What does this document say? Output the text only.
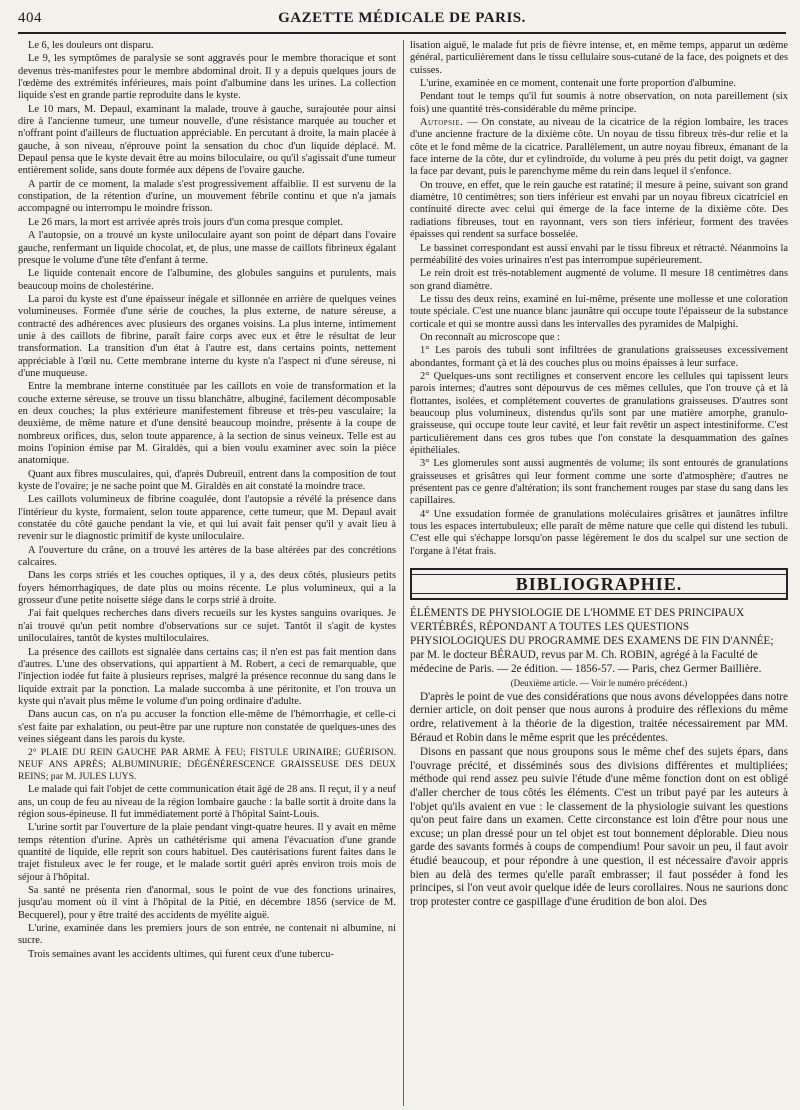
404	GAZETTE MÉDICALE DE PARIS.

Le 6, les douleurs ont disparu.

Le 9, les symptômes de paralysie se sont aggravés pour le membre thoracique et sont devenus très-manifestes pour le membre abdominal droit. Il y a depuis quelques jours de l'œdème des extrémités inférieures, mais point d'albumine dans les urines. La collection liquide s'est en grande partie reproduite dans le kyste.

Le 10 mars, M. Depaul, examinant la malade, trouve à gauche, surajoutée pour ainsi dire à l'ancienne tumeur, une tumeur nouvelle, d'une résistance marquée au toucher et n'offrant point d'ailleurs de fluctuation appréciable. En percutant à droite, la main placée à gauche, à son niveau, n'éprouve point la sensation du choc d'un liquide déplacé. M. Depaul pensa que le kyste devait être au moins biloculaire, ou qu'il s'agissait d'une tumeur entièrement solide, sans doute formée aux dépens de l'ovaire gauche.

A partir de ce moment, la malade s'est progressivement affaiblie. Il est survenu de la constipation, de la rétention d'urine, un mouvement fébrile continu et que n'a jamais accompagné ou interrompu le moindre frisson.

Le 26 mars, la mort est arrivée après trois jours d'un coma presque complet.

A l'autopsie, on a trouvé un kyste uniloculaire ayant son point de départ dans l'ovaire gauche, renfermant un liquide chocolat, et, de plus, une masse de caillots fibrineux égalant presque le volume d'une tête d'enfant à terme.

Le liquide contenait encore de l'albumine, des globules sanguins et purulents, mais beaucoup moins de cholestérine.

La paroi du kyste est d'une épaisseur inégale et sillonnée en arrière de quelques veines volumineuses. Formée d'une série de couches, la plus externe, de nature séreuse, a contracté des adhérences avec plusieurs des organes voisins. La plus interne, intimement unie à des caillots de fibrine, paraît faire corps avec eux et être le résultat de leur transformation. La transition d'un état à l'autre est, dans certains points, nettement appréciable à l'œil nu. Cette membrane interne du kyste n'a l'aspect ni d'une séreuse, ni d'une muqueuse.

Entre la membrane interne constituée par les caillots en voie de transformation et la couche externe séreuse, se trouve un tissu blanchâtre, albuginé, facilement décomposable en deux couches; la plus extérieure manifestement fibreuse et très-peu vasculaire; la deuxième, de même nature et d'une densité beaucoup moindre, présente à la coupe de nombreux orifices, dus, selon toute apparence, à la section de sinus veineux. Telle est au moins l'opinion émise par M. Giraldès, qui a bien voulu examiner avec soin la pièce anatomique.

Quant aux fibres musculaires, qui, d'après Dubreuil, entrent dans la composition de tout kyste de l'ovaire; je ne sache point que M. Giraldès en ait constaté la moindre trace.

Les caillots volumineux de fibrine coagulée, dont l'autopsie a révélé la présence dans l'intérieur du kyste, formaient, selon toute apparence, cette tumeur, que M. Depaul avait constatée du côté gauche pendant la vie, et qui lui avait fait penser qu'il y avait lieu à revenir sur le diagnostic primitif de kyste uniloculaire.

A l'ouverture du crâne, on a trouvé les artères de la base altérées par des concrétions calcaires.

Dans les corps striés et les couches optiques, il y a, des deux côtés, plusieurs petits foyers hémorrhagiques, de date plus ou moins récente. Le plus volumineux, qui a la grosseur d'une petite noisette siége dans le corps strié à droite.

J'ai fait quelques recherches dans divers recueils sur les kystes sanguins ovariques. Je n'ai trouvé qu'un petit nombre d'observations sur ce sujet. Tantôt il s'agit de kystes uniloculaires, tantôt de kystes multiloculaires.

La présence des caillots est signalée dans certains cas; il n'en est pas fait mention dans d'autres. L'une des observations, qui appartient à M. Robert, a ceci de remarquable, que l'injection iodée fut faite à plusieurs reprises, malgré la présence reconnue du sang dans le liquide extrait par la ponction. La malade succomba à une péritonite, et l'on trouva un kyste qui n'avait plus même le volume d'un poing ordinaire d'adulte.

Dans aucun cas, on n'a pu accuser la fonction elle-même de l'hémorrhagie, et celle-ci s'est faite par exhalation, ou peut-être par une rupture non constatée de quelques-unes des veines siégeant dans les parois du kyste.

2° PLAIE DU REIN GAUCHE PAR ARME À FEU; FISTULE URINAIRE; GUÉRISON. NEUF ANS APRÈS; ALBUMINURIE; DÉGÉNÉRESCENCE GRAISSEUSE DES DEUX REINS; par M. JULES LUYS.

Le malade qui fait l'objet de cette communication était âgé de 28 ans. Il reçut, il y a neuf ans, un coup de feu au niveau de la région lombaire gauche : la balle sortit à droite dans la région sous-épineuse. Il fut immédiatement porté à l'hôpital Saint-Louis.

L'urine sortit par l'ouverture de la plaie pendant vingt-quatre heures. Il y avait en même temps rétention d'urine. Après un cathétérisme qui amena l'évacuation d'une grande quantité de liquide, elle reprit son cours habituel. Des cautérisations furent faites dans le trajet fistuleux avec le fer rouge, et le malade sortit guéri après environ trois mois de séjour à l'hôpital.

Sa santé ne présenta rien d'anormal, sous le point de vue des fonctions urinaires, jusqu'au moment où il vint à l'hôpital de la Pitié, en décembre 1856 (service de M. Becquerel), pour y être traité des accidents de myélite aiguë.

L'urine, examinée dans les premiers jours de son entrée, ne contenait ni albumine, ni sucre.

Trois semaines avant les accidents ultimes, qui furent ceux d'une tubercu-

lisation aiguë, le malade fut pris de fièvre intense, et, en même temps, apparut un œdème général, particulièrement dans le tissu cellulaire sous-cutané de la face, des poignets et des cuisses.

L'urine, examinée en ce moment, contenait une forte proportion d'albumine.

Pendant tout le temps qu'il fut soumis à notre observation, on nota pareillement (six fois) une quantité très-considérable du même principe.

Autopsie. — On constate, au niveau de la cicatrice de la région lombaire, les traces d'une ancienne fracture de la dixième côte. Un noyau de tissu fibreux très-dur relie et la côte et le fond même de la cicatrice. Parallèlement, un autre noyau fibreux, émanant de la face interne de la côte, dur et cylindroïde, du volume à peu près du petit doigt, va gagner la face par devant, puis le parenchyme même du rein dans lequel il s'enfonce.

On trouve, en effet, que le rein gauche est ratatiné; il mesure à peine, suivant son grand diamètre, 10 centimètres; son tiers inférieur est envahi par un noyau fibreux cicatriciel en continuité directe avec celui qui émerge de la face interne de la dixième côte. Des radiations fibreuses, tout en rayonnant, vers son tiers inférieur, forment des travées épaisses qui rendent sa surface bosselée.

Le bassinet correspondant est aussi envahi par le tissu fibreux et rétracté. Néanmoins la perméabilité des voies urinaires n'est pas interrompue supérieurement.

Le rein droit est très-notablement augmenté de volume. Il mesure 18 centimètres dans son grand diamètre.

Le tissu des deux reins, examiné en lui-même, présente une mollesse et une coloration toute spéciale. C'est une nuance blanc jaunâtre qui occupe toute l'épaisseur de la substance corticale et qui se montre aussi dans les intervalles des pyramides de Malpighi.

On reconnaît au microscope que :

1° Les parois des tubuli sont infiltrées de granulations graisseuses excessivement abondantes, formant çà et là des couches plus ou moins épaisses à leur surface.

2° Quelques-uns sont rectilignes et conservent encore les cellules qui tapissent leurs parois internes; d'autres sont dépourvus de ces mêmes cellules, que l'on trouve çà et là flottantes, isolées, et complétement couvertes de granulations graisseuses. D'autres sont beaucoup plus volumineux, distendus qu'ils sont par une matière amorphe, granulo-graisseuse, qui occupe toute leur cavité, et leur fait revêtir un aspect intestiniforme. C'est particulièrement dans ces gros tubes que l'on constate la desquammation des gaînes épithéliales.

3° Les glomerules sont aussi augmentés de volume; ils sont entourés de granulations graisseuses et grisâtres qui leur forment comme une sorte d'atmosphère; d'autres ne présentent pas ce genre d'altération; ils sont franchement rouges par stase du sang dans les capillaires.

4° Une exsudation formée de granulations moléculaires grisâtres et jaunâtres infiltre tous les espaces intertubuleux; elle paraît de même nature que celle qui distend les tubuli. C'est elle qui s'échappe lorsqu'on passe légèrement le dos du scalpel sur une section de l'organe à l'état frais.

BIBLIOGRAPHIE.

ÉLÉMENTS DE PHYSIOLOGIE DE L'HOMME ET DES PRINCIPAUX VERTÉBRÉS, RÉPONDANT A TOUTES LES QUESTIONS PHYSIOLOGIQUES DU PROGRAMME DES EXAMENS DE FIN D'ANNÉE; par M. le docteur BÉRAUD, revus par M. Ch. ROBIN, agrégé à la Faculté de médecine de Paris. — 2e édition. — 1856-57. — Paris, chez Germer Baillière.

(Deuxième article. — Voir le numéro précédent.)

D'après le point de vue des considérations que nous avons développées dans notre dernier article, on doit penser que nous aurons à produire des réflexions du même ordre, relativement à la théorie de la digestion, traitée nécessairement par MM. Béraud et Robin dans le même esprit que les précédentes.

Disons en passant que nous groupons sous le même chef des sujets épars, dans l'ouvrage précité, et disséminés sous des divisions différentes et multipliées; méthode qui rend assez peu suivie l'étude d'une même fonction dont on est obligé d'aller chercher de tous côtés les éléments. C'est un tribut payé par les auteurs à l'objet qu'ils avaient en vue : le classement de la physiologie suivant les questions qu'on peut faire dans un examen. Cette circonstance est loin d'être pour nous une excuse; un plan dressé pour un tel objet est tout bonnement déplorable. Dieu nous garde des savants formés à coups de compendium! Pour savoir un peu, il faut avoir étudié beaucoup, et pour répondre à une question, il est nécessaire d'avoir appris bien au delà des termes qu'elle paraît embrasser; il faut posséder à fond les principes, si l'on veut avoir quelque idée de leurs corollaires. Nous ne saurions donc trop protester contre ce gaspillage d'une érudition de bon aloi. Des
